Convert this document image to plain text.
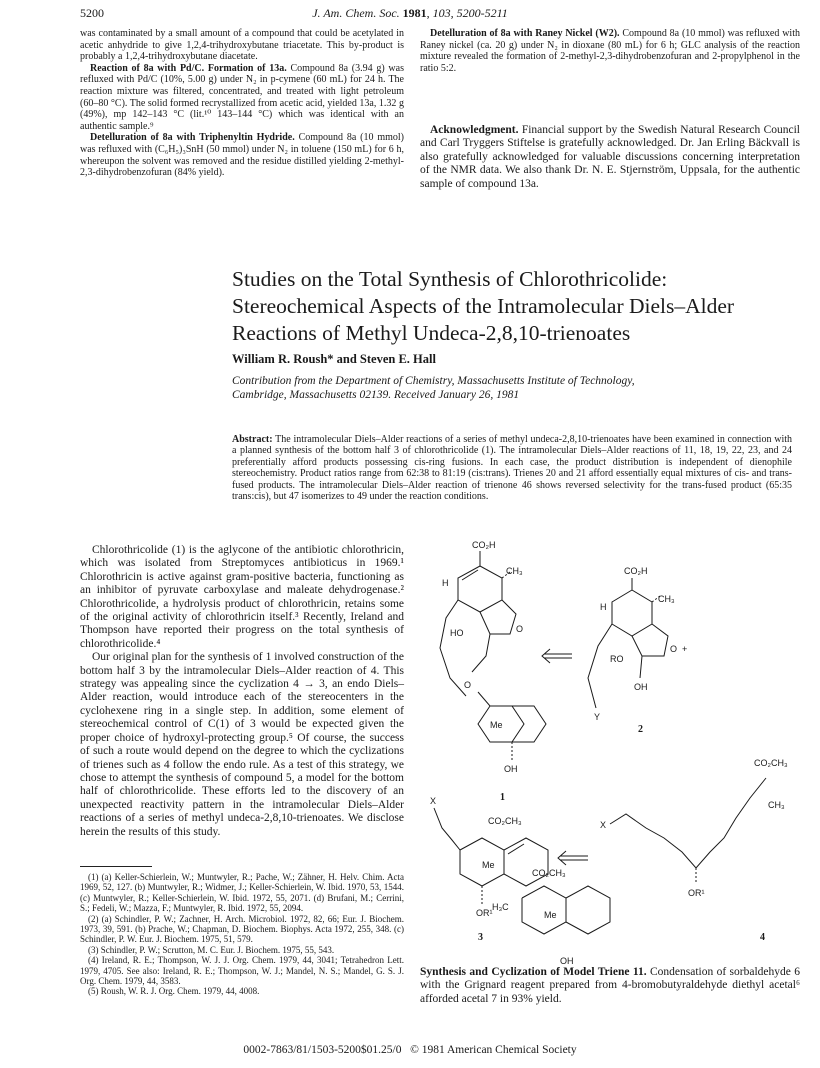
5200	J. Am. Chem. Soc. 1981, 103, 5200-5211

was contaminated by a small amount of a compound that could be acetylated in acetic anhydride to give 1,2,4-trihydroxybutane triacetate. This by-product is probably a 1,2,4-trihydroxybutane diacetate.

Reaction of 8a with Pd/C. Formation of 13a. Compound 8a (3.94 g) was refluxed with Pd/C (10%, 5.00 g) under N₂ in p-cymene (60 mL) for 24 h. The reaction mixture was filtered, concentrated, and treated with light petroleum (60–80 °C). The solid formed recrystallized from acetic acid, yielded 13a, 1.32 g (49%), mp 142–143 °C (lit.¹⁰ 143–144 °C) which was identical with an authentic sample.⁹

Detelluration of 8a with Triphenyltin Hydride. Compound 8a (10 mmol) was refluxed with (C₆H₅)₃SnH (50 mmol) under N₂ in toluene (150 mL) for 6 h, whereupon the solvent was removed and the residue distilled yielding 2-methyl-2,3-dihydrobenzofuran (84% yield).

Detelluration of 8a with Raney Nickel (W2). Compound 8a (10 mmol) was refluxed with Raney nickel (ca. 20 g) under N₂ in dioxane (80 mL) for 6 h; GLC analysis of the reaction mixture revealed the formation of 2-methyl-2,3-dihydrobenzofuran and 2-propylphenol in the ratio 5:2.

Acknowledgment. Financial support by the Swedish Natural Research Council and Carl Tryggers Stiftelse is gratefully acknowledged. Dr. Jan Erling Bäckvall is also gratefully acknowledged for valuable discussions concerning interpretation of the NMR data. We also thank Dr. N. E. Stjernström, Uppsala, for the authentic sample of compound 13a.

Studies on the Total Synthesis of Chlorothricolide:
Stereochemical Aspects of the Intramolecular Diels–Alder
Reactions of Methyl Undeca-2,8,10-trienoates
William R. Roush* and Steven E. Hall
Contribution from the Department of Chemistry, Massachusetts Institute of Technology,
Cambridge, Massachusetts 02139. Received January 26, 1981
Abstract: The intramolecular Diels–Alder reactions of a series of methyl undeca-2,8,10-trienoates have been examined in connection with a planned synthesis of the bottom half 3 of chlorothricolide (1). The intramolecular Diels–Alder reactions of 11, 18, 19, 22, 23, and 24 preferentially afford products possessing cis-ring fusions. In each case, the product distribution is independent of dienophile stereochemistry. Product ratios range from 62:38 to 81:19 (cis:trans). Trienes 20 and 21 afford essentially equal mixtures of cis- and trans-fused products. The intramolecular Diels–Alder reaction of trienone 46 shows reversed selectivity for the trans-fused product (65:35 trans:cis), but 47 isomerizes to 49 under the reaction conditions.

Chlorothricolide (1) is the aglycone of the antibiotic chlorothricin, which was isolated from Streptomyces antibioticus in 1969.¹ Chlorothricin is active against gram-positive bacteria, functioning as an inhibitor of pyruvate carboxylase and maleate dehydrogenase.² Chlorothricolide, a hydrolysis product of chlorothricin, retains some of the original activity of chlorothricin itself.³ Recently, Ireland and Thompson have reported their progress on the total synthesis of chlorothricolide.⁴

Our original plan for the synthesis of 1 involved construction of the bottom half 3 by the intramolecular Diels–Alder reaction of 4. This strategy was appealing since the cyclization 4 → 3, an endo Diels–Alder reaction, would introduce each of the stereocenters in the cyclohexene ring in a single step. In addition, some element of stereochemical control of C(1) of 3 would be expected given the proper choice of hydroxyl-protecting group.⁵ Of course, the success of such a route would depend on the degree to which the cyclizations of trienes such as 4 follow the endo rule. As a test of this strategy, we chose to attempt the synthesis of compound 5, a model for the bottom half of chlorothricolide. These efforts led to the discovery of an unexpected reactivity pattern in the intramolecular Diels–Alder reactions of a series of methyl undeca-2,8,10-trienoates. We disclose herein the results of this study.

(1) (a) Keller-Schierlein, W.; Muntwyler, R.; Pache, W.; Zähner, H. Helv. Chim. Acta 1969, 52, 127. (b) Muntwyler, R.; Widmer, J.; Keller-Schierlein, W. Ibid. 1970, 53, 1544. (c) Muntwyler, R.; Keller-Schierlein, W. Ibid. 1972, 55, 2071. (d) Brufani, M.; Cerrini, S.; Fedeli, W.; Mazza, F.; Muntwyler, R. Ibid. 1972, 55, 2094.

(2) (a) Schindler, P. W.; Zachner, H. Arch. Microbiol. 1972, 82, 66; Eur. J. Biochem. 1973, 39, 591. (b) Prache, W.; Chapman, D. Biochem. Biophys. Acta 1972, 255, 348. (c) Schindler, P. W. Eur. J. Biochem. 1975, 51, 579.

(3) Schindler, P. W.; Scrutton, M. C. Eur. J. Biochem. 1975, 55, 543.

(4) Ireland, R. E.; Thompson, W. J. J. Org. Chem. 1979, 44, 3041; Tetrahedron Lett. 1979, 4705. See also: Ireland, R. E.; Thompson, W. J.; Mandel, N. S.; Mandel, G. S. J. Org. Chem. 1979, 44, 3583.

(5) Roush, W. R. J. Org. Chem. 1979, 44, 4008.

CO₂H
CH₃
H
HO	O
O
Me
OH
1
CO₂H
CH₃
H
O
RO
OH
Y
+
2
X
CO₂CH₃
Me
OR¹
3
X
CO₂CH₃
CH₃
OR¹
4
CO₂CH₃
H₃C
Me
OH
Synthesis and Cyclization of Model Triene 11. Condensation of sorbaldehyde 6 with the Grignard reagent prepared from 4-bromobutyraldehyde diethyl acetal⁶ afforded acetal 7 in 93% yield.
0002-7863/81/1503-5200$01.25/0 © 1981 American Chemical Society
